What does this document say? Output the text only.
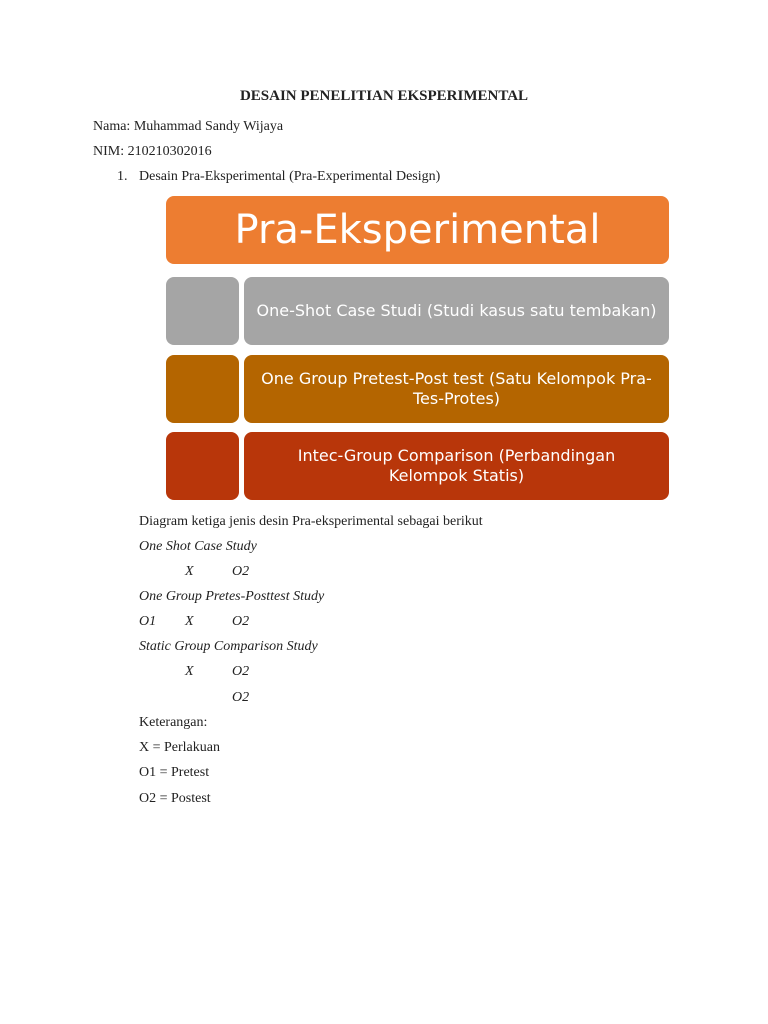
DESAIN PENELITIAN EKSPERIMENTAL
Nama: Muhammad Sandy Wijaya
NIM: 210210302016
1. Desain Pra-Eksperimental (Pra-Experimental Design)
Pra-Eksperimental
One-Shot Case Studi (Studi kasus satu tembakan)
One Group Pretest-Post test (Satu Kelompok Pra-Tes-Protes)
Intec-Group Comparison (Perbandingan Kelompok Statis)
Diagram ketiga jenis desin Pra-eksperimental sebagai berikut
One Shot Case Study
X	O2
One Group Pretes-Posttest Study
O1 X	O2
Static Group Comparison Study
X	O2
O2
Keterangan:
X = Perlakuan
O1 = Pretest
O2 = Postest
